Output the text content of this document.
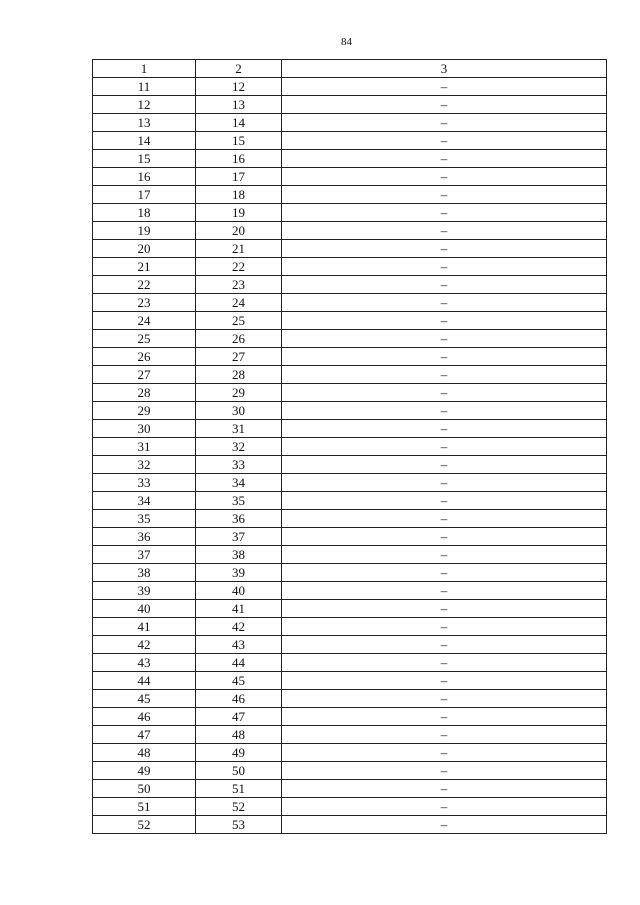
84
1	2	3
11	12	–
12	13	–
13	14	–
14	15	–
15	16	–
16	17	–
17	18	–
18	19	–
19	20	–
20	21	–
21	22	–
22	23	–
23	24	–
24	25	–
25	26	–
26	27	–
27	28	–
28	29	–
29	30	–
30	31	–
31	32	–
32	33	–
33	34	–
34	35	–
35	36	–
36	37	–
37	38	–
38	39	–
39	40	–
40	41	–
41	42	–
42	43	–
43	44	–
44	45	–
45	46	–
46	47	–
47	48	–
48	49	–
49	50	–
50	51	–
51	52	–
52	53	–
